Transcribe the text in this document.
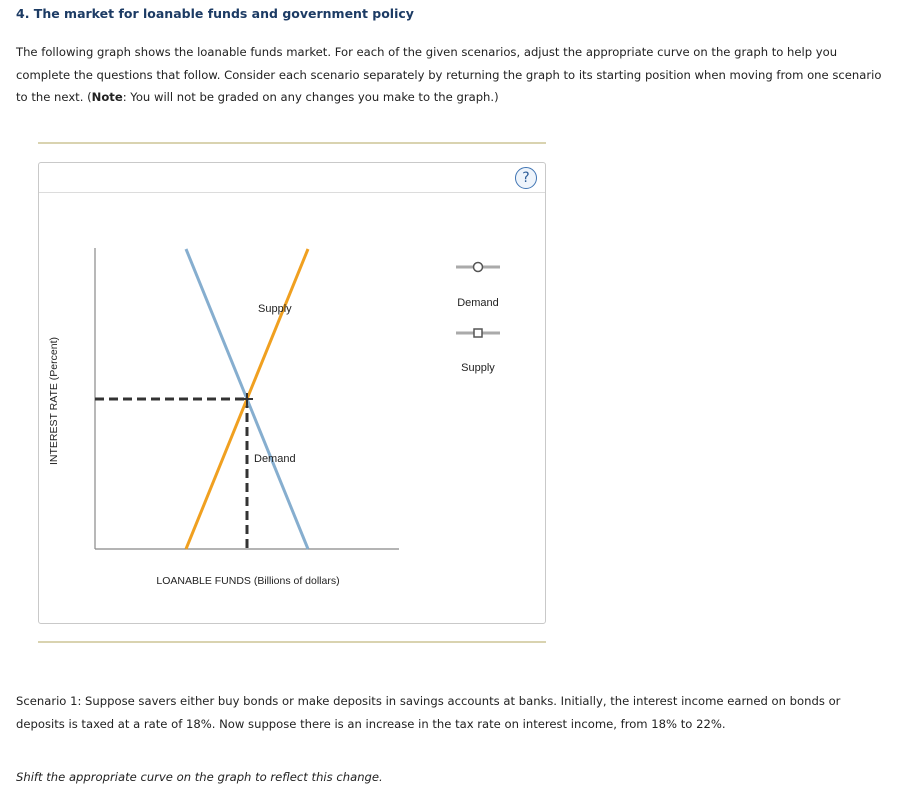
4. The market for loanable funds and government policy
The following graph shows the loanable funds market. For each of the given scenarios, adjust the appropriate curve on the graph to help you complete the questions that follow. Consider each scenario separately by returning the graph to its starting position when moving from one scenario to the next. (Note: You will not be graded on any changes you make to the graph.)
?
Supply
Demand
INTEREST RATE (Percent)
LOANABLE FUNDS (Billions of dollars)
Demand
Supply
Scenario 1: Suppose savers either buy bonds or make deposits in savings accounts at banks. Initially, the interest income earned on bonds or deposits is taxed at a rate of 18%. Now suppose there is an increase in the tax rate on interest income, from 18% to 22%.
Shift the appropriate curve on the graph to reflect this change.
